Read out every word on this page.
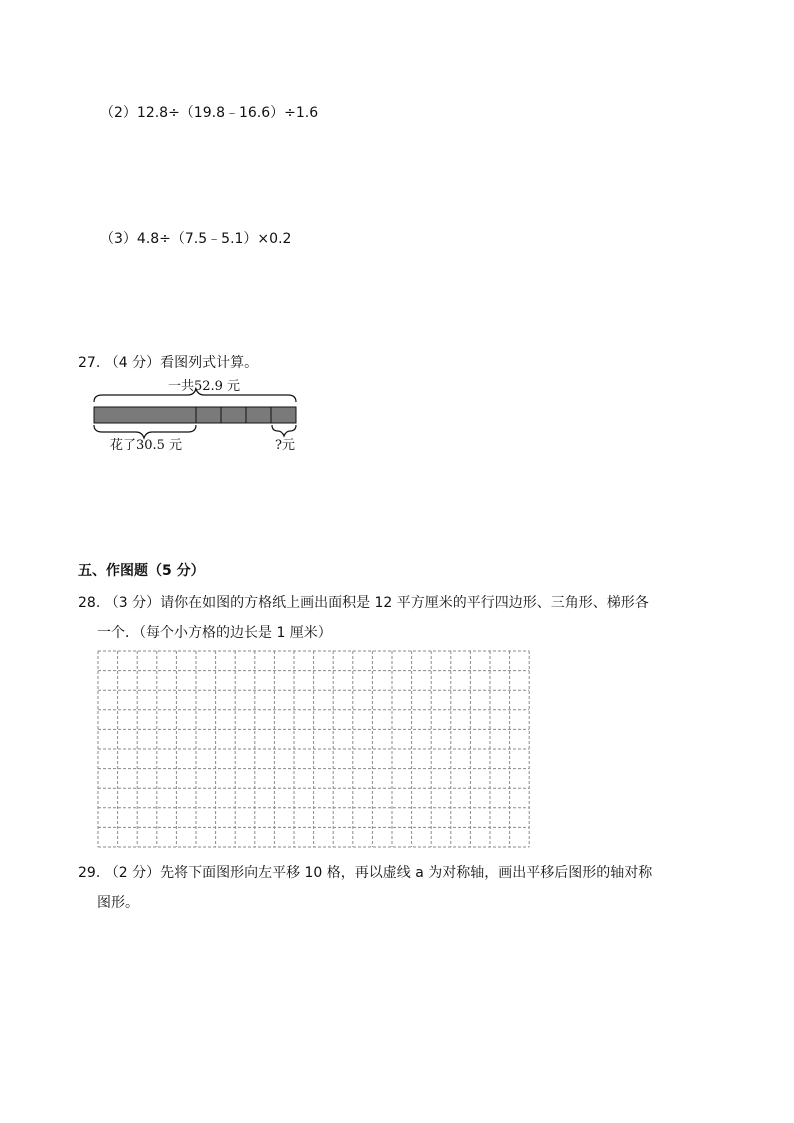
（2）12.8÷（19.8﹣16.6）÷1.6
（3）4.8÷（7.5﹣5.1）×0.2
27. （4 分）看图列式计算。
一共52.9 元
花了30.5 元	?元
五、作图题（5 分）
28. （3 分）请你在如图的方格纸上画出面积是 12 平方厘米的平行四边形、三角形、梯形各
一个．（每个小方格的边长是 1 厘米）
29. （2 分）先将下面图形向左平移 10 格，再以虚线 a 为对称轴，画出平移后图形的轴对称
图形。
